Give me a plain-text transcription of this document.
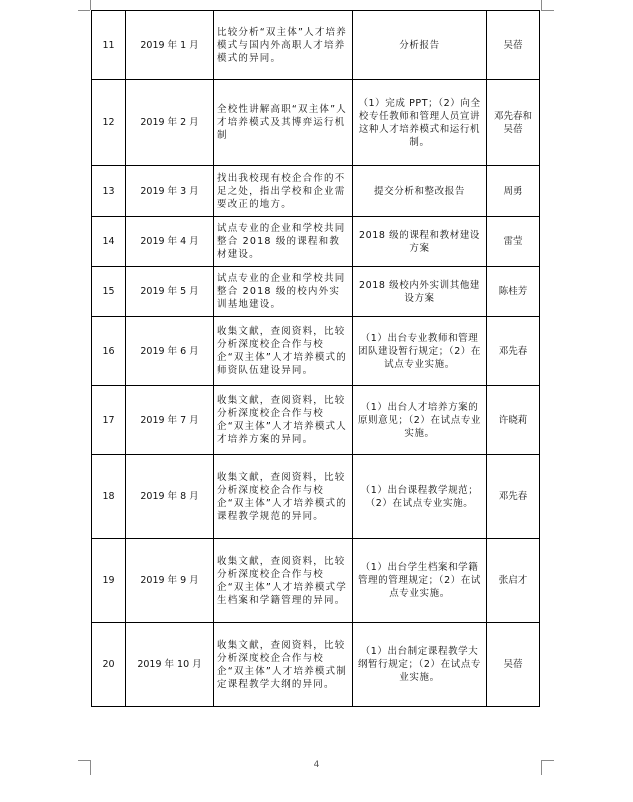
11	2019 年 1 月	比较分析“双主体”人才培养模式与国内外高职人才培养模式的异同。	分析报告	吴蓓
12	2019 年 2 月	全校性讲解高职“双主体”人才培养模式及其博弈运行机制	（1）完成 PPT；（2）向全校专任教师和管理人员宣讲这种人才培养模式和运行机制。	邓先春和吴蓓
13	2019 年 3 月	找出我校现有校企合作的不足之处，指出学校和企业需要改正的地方。	提交分析和整改报告	周勇
14	2019 年 4 月	试点专业的企业和学校共同整合 2018 级的课程和教材建设。	2018 级的课程和教材建设方案	雷莹
15	2019 年 5 月	试点专业的企业和学校共同整合 2018 级的校内外实训基地建设。	2018 级校内外实训其他建设方案	陈桂芳
16	2019 年 6 月	收集文献，查阅资料，比较分析深度校企合作与校企“双主体”人才培养模式的师资队伍建设异同。	（1）出台专业教师和管理团队建设暂行规定；（2）在试点专业实施。	邓先春
17	2019 年 7 月	收集文献，查阅资料，比较分析深度校企合作与校企“双主体”人才培养模式人才培养方案的异同。	（1）出台人才培养方案的原则意见；（2）在试点专业实施。	许晓莉
18	2019 年 8 月	收集文献，查阅资料，比较分析深度校企合作与校企“双主体”人才培养模式的课程教学规范的异同。	（1）出台课程教学规范；（2）在试点专业实施。	邓先春
19	2019 年 9 月	收集文献，查阅资料，比较分析深度校企合作与校企“双主体”人才培养模式学生档案和学籍管理的异同。	（1）出台学生档案和学籍管理的管理规定；（2）在试点专业实施。	张启才
20	2019 年 10 月	收集文献，查阅资料，比较分析深度校企合作与校企“双主体”人才培养模式制定课程教学大纲的异同。	（1）出台制定课程教学大纲暂行规定；（2）在试点专业实施。	吴蓓
4
